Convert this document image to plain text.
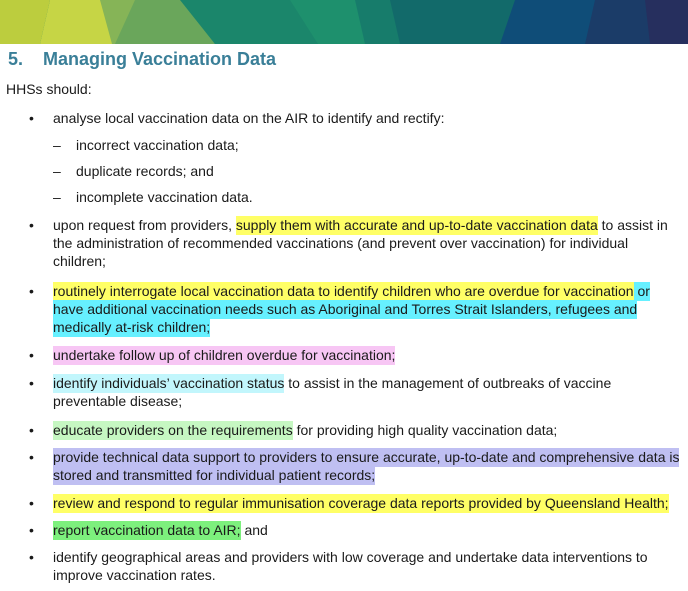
5. Managing Vaccination Data
HHSs should:
• analyse local vaccination data on the AIR to identify and rectify:
– incorrect vaccination data;
– duplicate records; and
– incomplete vaccination data.
• upon request from providers, supply them with accurate and up-to-date vaccination data to assist in the administration of recommended vaccinations (and prevent over vaccination) for individual children;
• routinely interrogate local vaccination data to identify children who are overdue for vaccination or have additional vaccination needs such as Aboriginal and Torres Strait Islanders, refugees and medically at-risk children;
• undertake follow up of children overdue for vaccination;
• identify individuals’ vaccination status to assist in the management of outbreaks of vaccine preventable disease;
• educate providers on the requirements for providing high quality vaccination data;
• provide technical data support to providers to ensure accurate, up-to-date and comprehensive data is stored and transmitted for individual patient records;
• review and respond to regular immunisation coverage data reports provided by Queensland Health;
• report vaccination data to AIR; and
• identify geographical areas and providers with low coverage and undertake data interventions to improve vaccination rates.
